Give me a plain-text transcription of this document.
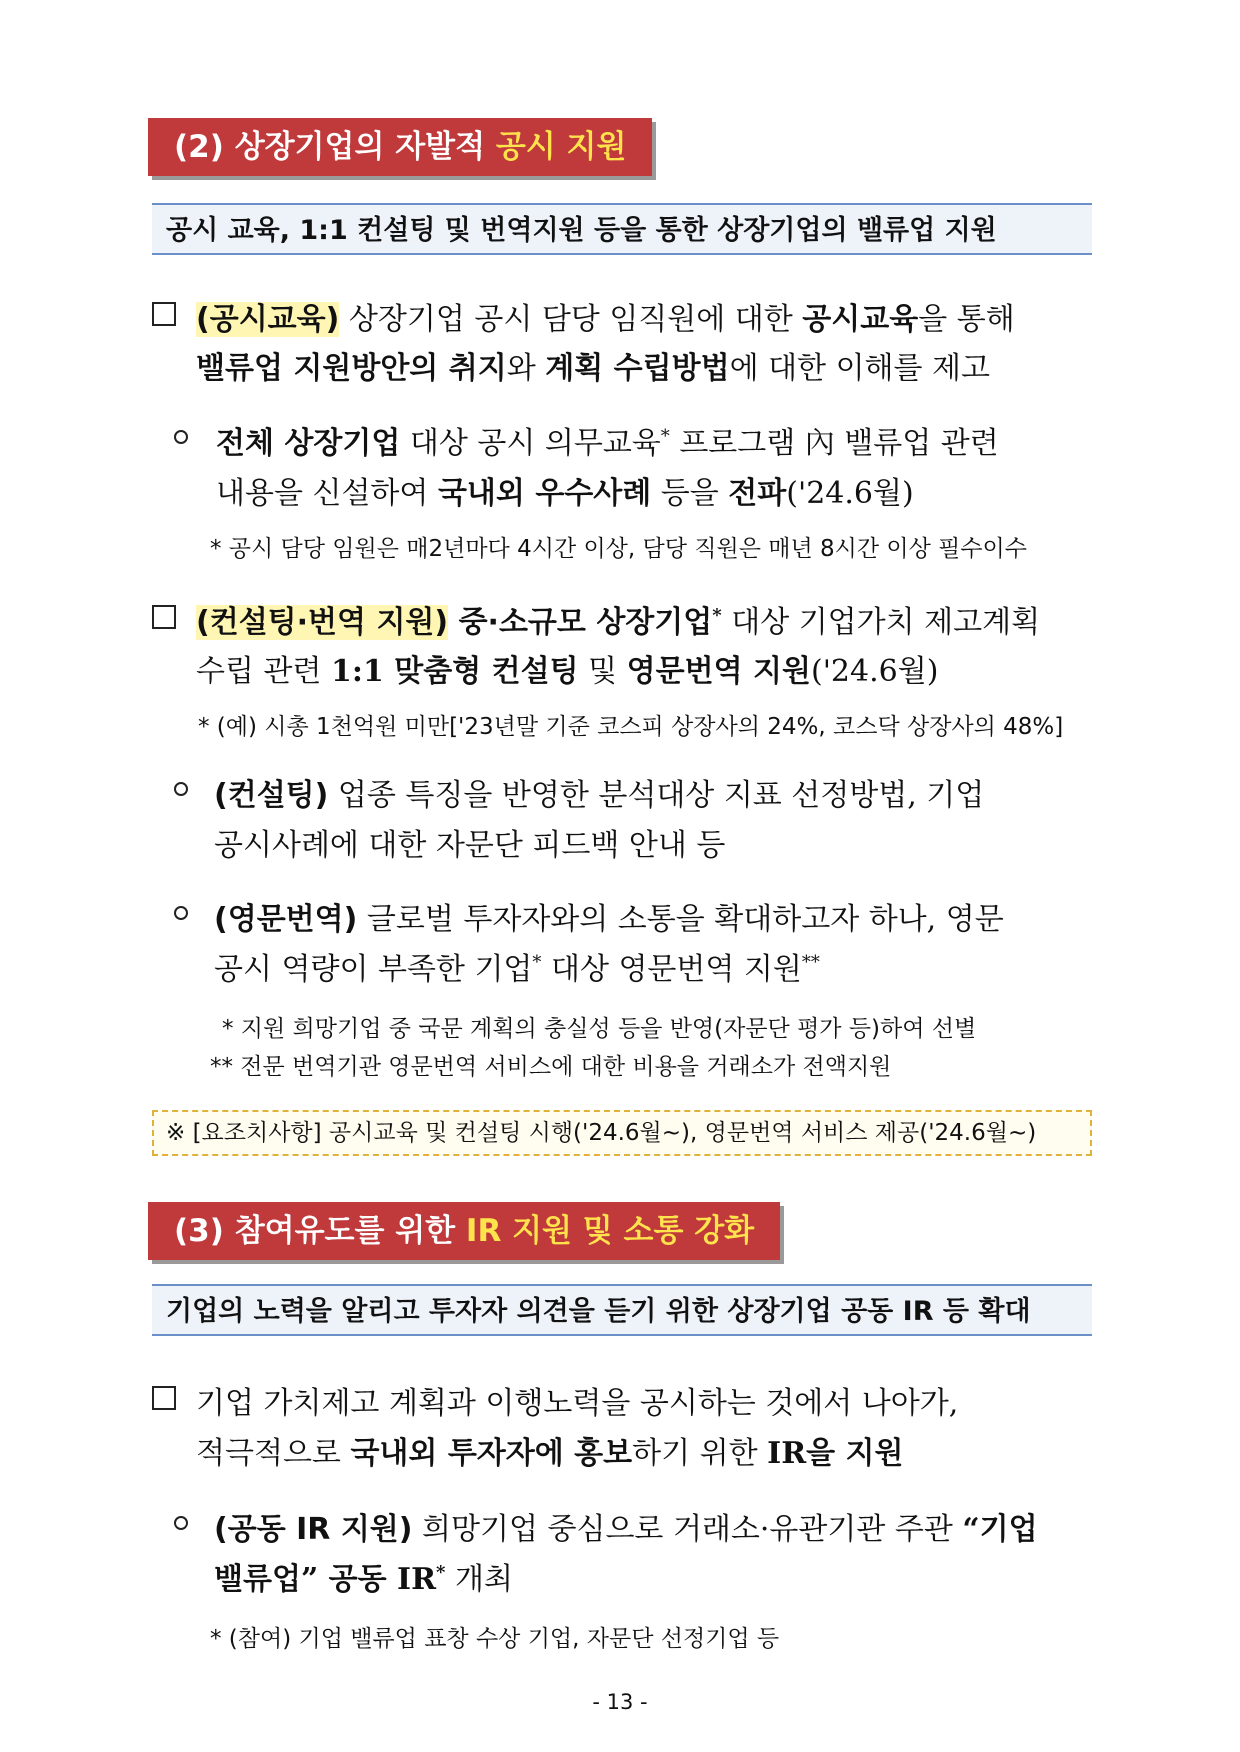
(2) 상장기업의 자발적 공시 지원
공시 교육, 1:1 컨설팅 및 번역지원 등을 통한 상장기업의 밸류업 지원
(공시교육) 상장기업 공시 담당 임직원에 대한 공시교육을 통해
밸류업 지원방안의 취지와 계획 수립방법에 대한 이해를 제고
전체 상장기업 대상 공시 의무교육* 프로그램 內 밸류업 관련
내용을 신설하여 국내외 우수사례 등을 전파('24.6월)
* 공시 담당 임원은 매2년마다 4시간 이상, 담당 직원은 매년 8시간 이상 필수이수
(컨설팅·번역 지원) 중·소규모 상장기업* 대상 기업가치 제고계획
수립 관련 1:1 맞춤형 컨설팅 및 영문번역 지원('24.6월)
* (예) 시총 1천억원 미만['23년말 기준 코스피 상장사의 24%, 코스닥 상장사의 48%]
(컨설팅) 업종 특징을 반영한 분석대상 지표 선정방법, 기업
공시사례에 대한 자문단 피드백 안내 등
(영문번역) 글로벌 투자자와의 소통을 확대하고자 하나, 영문
공시 역량이 부족한 기업* 대상 영문번역 지원**
* 지원 희망기업 중 국문 계획의 충실성 등을 반영(자문단 평가 등)하여 선별
** 전문 번역기관 영문번역 서비스에 대한 비용을 거래소가 전액지원
※ [요조치사항] 공시교육 및 컨설팅 시행('24.6월~), 영문번역 서비스 제공('24.6월~)
(3) 참여유도를 위한 IR 지원 및 소통 강화
기업의 노력을 알리고 투자자 의견을 듣기 위한 상장기업 공동 IR 등 확대
기업 가치제고 계획과 이행노력을 공시하는 것에서 나아가,
적극적으로 국내외 투자자에 홍보하기 위한 IR을 지원
(공동 IR 지원) 희망기업 중심으로 거래소·유관기관 주관 “기업
밸류업” 공동 IR* 개최
* (참여) 기업 밸류업 표창 수상 기업, 자문단 선정기업 등
- 13 -
